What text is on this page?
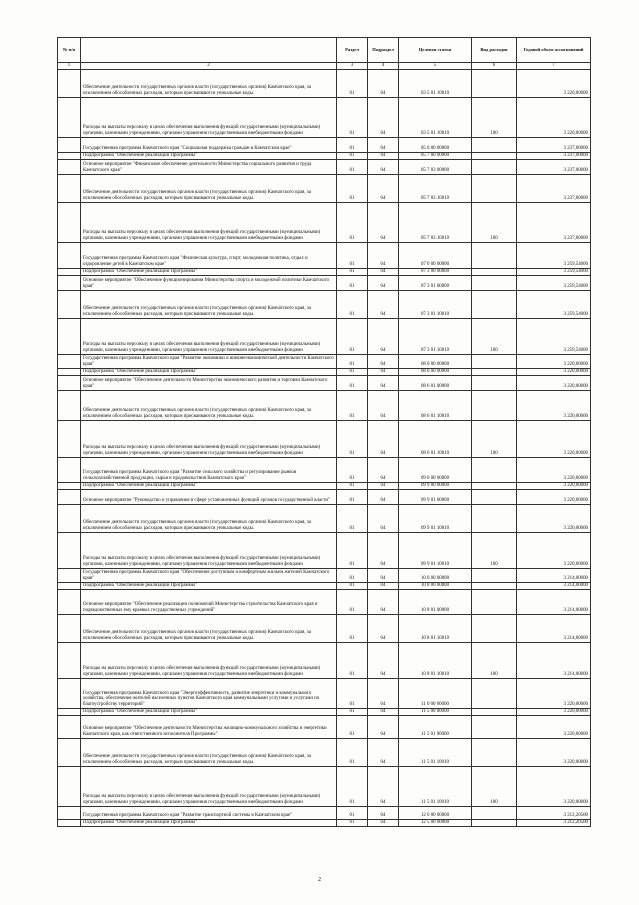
№ п/п		Раздел	Подраздел	Целевая статья	Вид расходов	Годовой объем ассигнований
1	2	3	4	5	6	7
	Обеспечение деятельности государственных органов власти (государственных органов) Камчатского края, за исключением обособленных расходов, которым присваиваются уникальные коды.	01	04	03 5 01 10010		3 220,00000
	Расходы на выплаты персоналу в целях обеспечения выполнения функций государственными (муниципальными) органами, казенными учреждениями, органами управления государственными внебюджетными фондами	01	04	03 5 01 10010	100	3 220,00000
	Государственная программа Камчатского края "Социальная поддержка граждан в Камчатском крае"	01	04	05 0 00 00000		3 237,00000
	Подпрограмма "Обеспечение реализации Программы"	01	04	05 7 00 00000		3 237,00000
	Основное мероприятие "Финансовое обеспечение деятельности Министерства социального развития и труда Камчатского края"	01	04	05 7 03 00000		3 237,00000
	Обеспечение деятельности государственных органов власти (государственных органов) Камчатского края, за исключением обособленных расходов, которым присваиваются уникальные коды.	01	04	05 7 03 10010		3 237,00000
	Расходы на выплаты персоналу в целях обеспечения выполнения функций государственными (муниципальными) органами, казенными учреждениями, органами управления государственными внебюджетными фондами	01	04	05 7 03 10010	100	3 237,00000
	Государственная программа Камчатского края "Физическая культура, спорт, молодежная политика, отдых и оздоровление детей в Камчатском крае"	01	04	07 0 00 00000		3 259,54000
	Подпрограмма "Обеспечение реализации Программы"	01	04	07 3 00 00000		3 259,54000
	Основное мероприятие "Обеспечение функционирования Министерства спорта и молодежной политики Камчатского края"	01	04	07 3 01 00000		3 259,54000
	Обеспечение деятельности государственных органов власти (государственных органов) Камчатского края, за исключением обособленных расходов, которым присваиваются уникальные коды.	01	04	07 3 01 10010		3 259,54000
	Расходы на выплаты персоналу в целях обеспечения выполнения функций государственными (муниципальными) органами, казенными учреждениями, органами управления государственными внебюджетными фондами	01	04	07 3 01 10010	100	3 259,54000
	Государственная программа Камчатского края "Развитие экономики и внешнеэкономической деятельности Камчатского края"	01	04	08 0 00 00000		3 220,00000
	Подпрограмма "Обеспечение реализации Программы"	01	04	08 6 00 00000		3 220,00000
	Основное мероприятие "Обеспечение деятельности Министерства экономического развития и торговли Камчатского края"	01	04	08 6 01 00000		3 220,00000
	Обеспечение деятельности государственных органов власти (государственных органов) Камчатского края, за исключением обособленных расходов, которым присваиваются уникальные коды.	01	04	08 6 01 10010		3 220,00000
	Расходы на выплаты персоналу в целях обеспечения выполнения функций государственными (муниципальными) органами, казенными учреждениями, органами управления государственными внебюджетными фондами	01	04	08 6 01 10010	100	3 220,00000
	Государственная программа Камчатского края "Развитие сельского хозяйства и регулирование рынков сельскохозяйственной продукции, сырья и продовольствия Камчатского края"	01	04	09 0 00 00000		3 220,00000
	Подпрограмма "Обеспечение реализации Программы"	01	04	09 9 00 00000		3 220,00000
	Основное мероприятие "Руководство и управление в сфере установленных функций органов государственной власти"	01	04	09 9 01 00000		3 220,00000
	Обеспечение деятельности государственных органов власти (государственных органов) Камчатского края, за исключением обособленных расходов, которым присваиваются уникальные коды.	01	04	09 9 01 10010		3 220,00000
	Расходы на выплаты персоналу в целях обеспечения выполнения функций государственными (муниципальными) органами, казенными учреждениями, органами управления государственными внебюджетными фондами	01	04	09 9 01 10010	100	3 220,00000
	Государственная программа Камчатского края "Обеспечение доступным и комфортным жильем жителей Камчатского края"	01	04	10 0 00 00000		3 214,00000
	Подпрограмма "Обеспечение реализации Программы"	01	04	10 8 00 00000		3 214,00000
	Основное мероприятие "Обеспечение реализации полномочий Министерства строительства Камчатского края и подведомственных ему краевых государственных учреждений"	01	04	10 8 01 00000		3 214,00000
	Обеспечение деятельности государственных органов власти (государственных органов) Камчатского края, за исключением обособленных расходов, которым присваиваются уникальные коды.	01	04	10 8 01 10010		3 214,00000
	Расходы на выплаты персоналу в целях обеспечения выполнения функций государственными (муниципальными) органами, казенными учреждениями, органами управления государственными внебюджетными фондами	01	04	10 8 01 10010	100	3 214,00000
	Государственная программа Камчатского края "Энергоэффективность, развитие энергетики и коммунального хозяйства, обеспечение жителей населенных пунктов Камчатского края коммунальными услугами и услугами по благоустройству территорий"	01	04	11 0 00 00000		3 220,00000
	Подпрограмма "Обеспечение реализации Программы"	01	04	11 5 00 00000		3 220,00000
	Основное мероприятие "Обеспечение деятельности Министерства жилищно-коммунального хозяйства и энергетики Камчатского края, как ответственного исполнителя Программы"	01	04	11 5 01 00000		3 220,00000
	Обеспечение деятельности государственных органов власти (государственных органов) Камчатского края, за исключением обособленных расходов, которым присваиваются уникальные коды.	01	04	11 5 01 10010		3 220,00000
	Расходы на выплаты персоналу в целях обеспечения выполнения функций государственными (муниципальными) органами, казенными учреждениями, органами управления государственными внебюджетными фондами	01	04	11 5 01 10010	100	3 220,00000
	Государственная программа Камчатского края "Развитие транспортной системы в Камчатском крае"	01	04	12 0 00 00000		3 212,20500
	Подпрограмма "Обеспечение реализации Программы"	01	04	12 5 00 00000		3 212,20500
2
